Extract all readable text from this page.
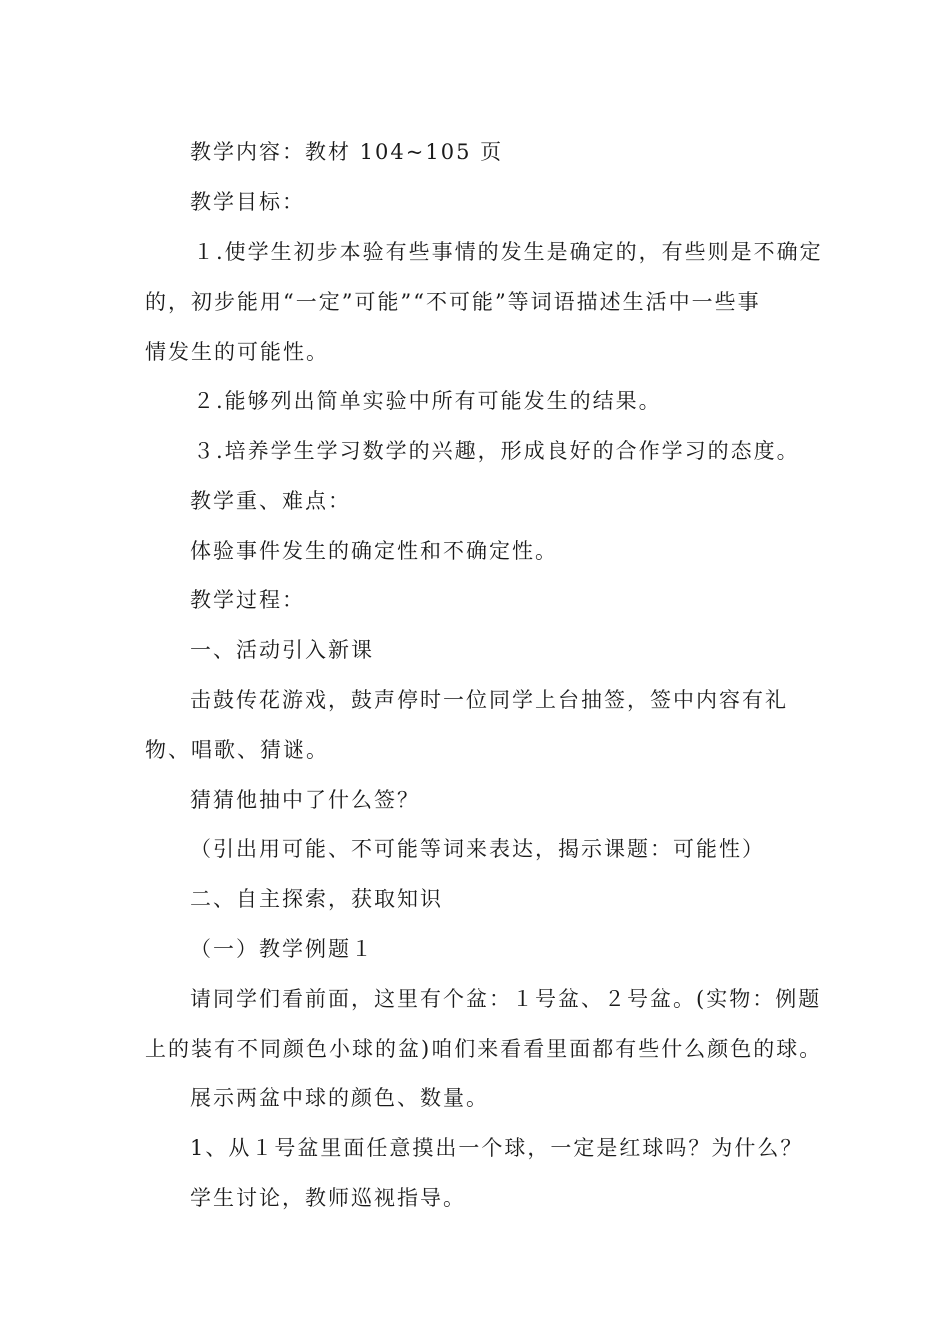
教学内容：教材 104~105 页
教学目标：
１.使学生初步本验有些事情的发生是确定的，有些则是不确定
的，初步能用“一定”可能”“不可能”等词语描述生活中一些事
情发生的可能性。
２.能够列出简单实验中所有可能发生的结果。
３.培养学生学习数学的兴趣，形成良好的合作学习的态度。
教学重、难点：
体验事件发生的确定性和不确定性。
教学过程：
一、活动引入新课
击鼓传花游戏，鼓声停时一位同学上台抽签，签中内容有礼
物、唱歌、猜谜。
猜猜他抽中了什么签？
（引出用可能、不可能等词来表达，揭示课题：可能性）
二、自主探索，获取知识
（一）教学例题１
请同学们看前面，这里有个盆：１号盆、２号盆。(实物：例题
上的装有不同颜色小球的盆)咱们来看看里面都有些什么颜色的球。
展示两盆中球的颜色、数量。
1、从１号盆里面任意摸出一个球，一定是红球吗？为什么？
学生讨论，教师巡视指导。
